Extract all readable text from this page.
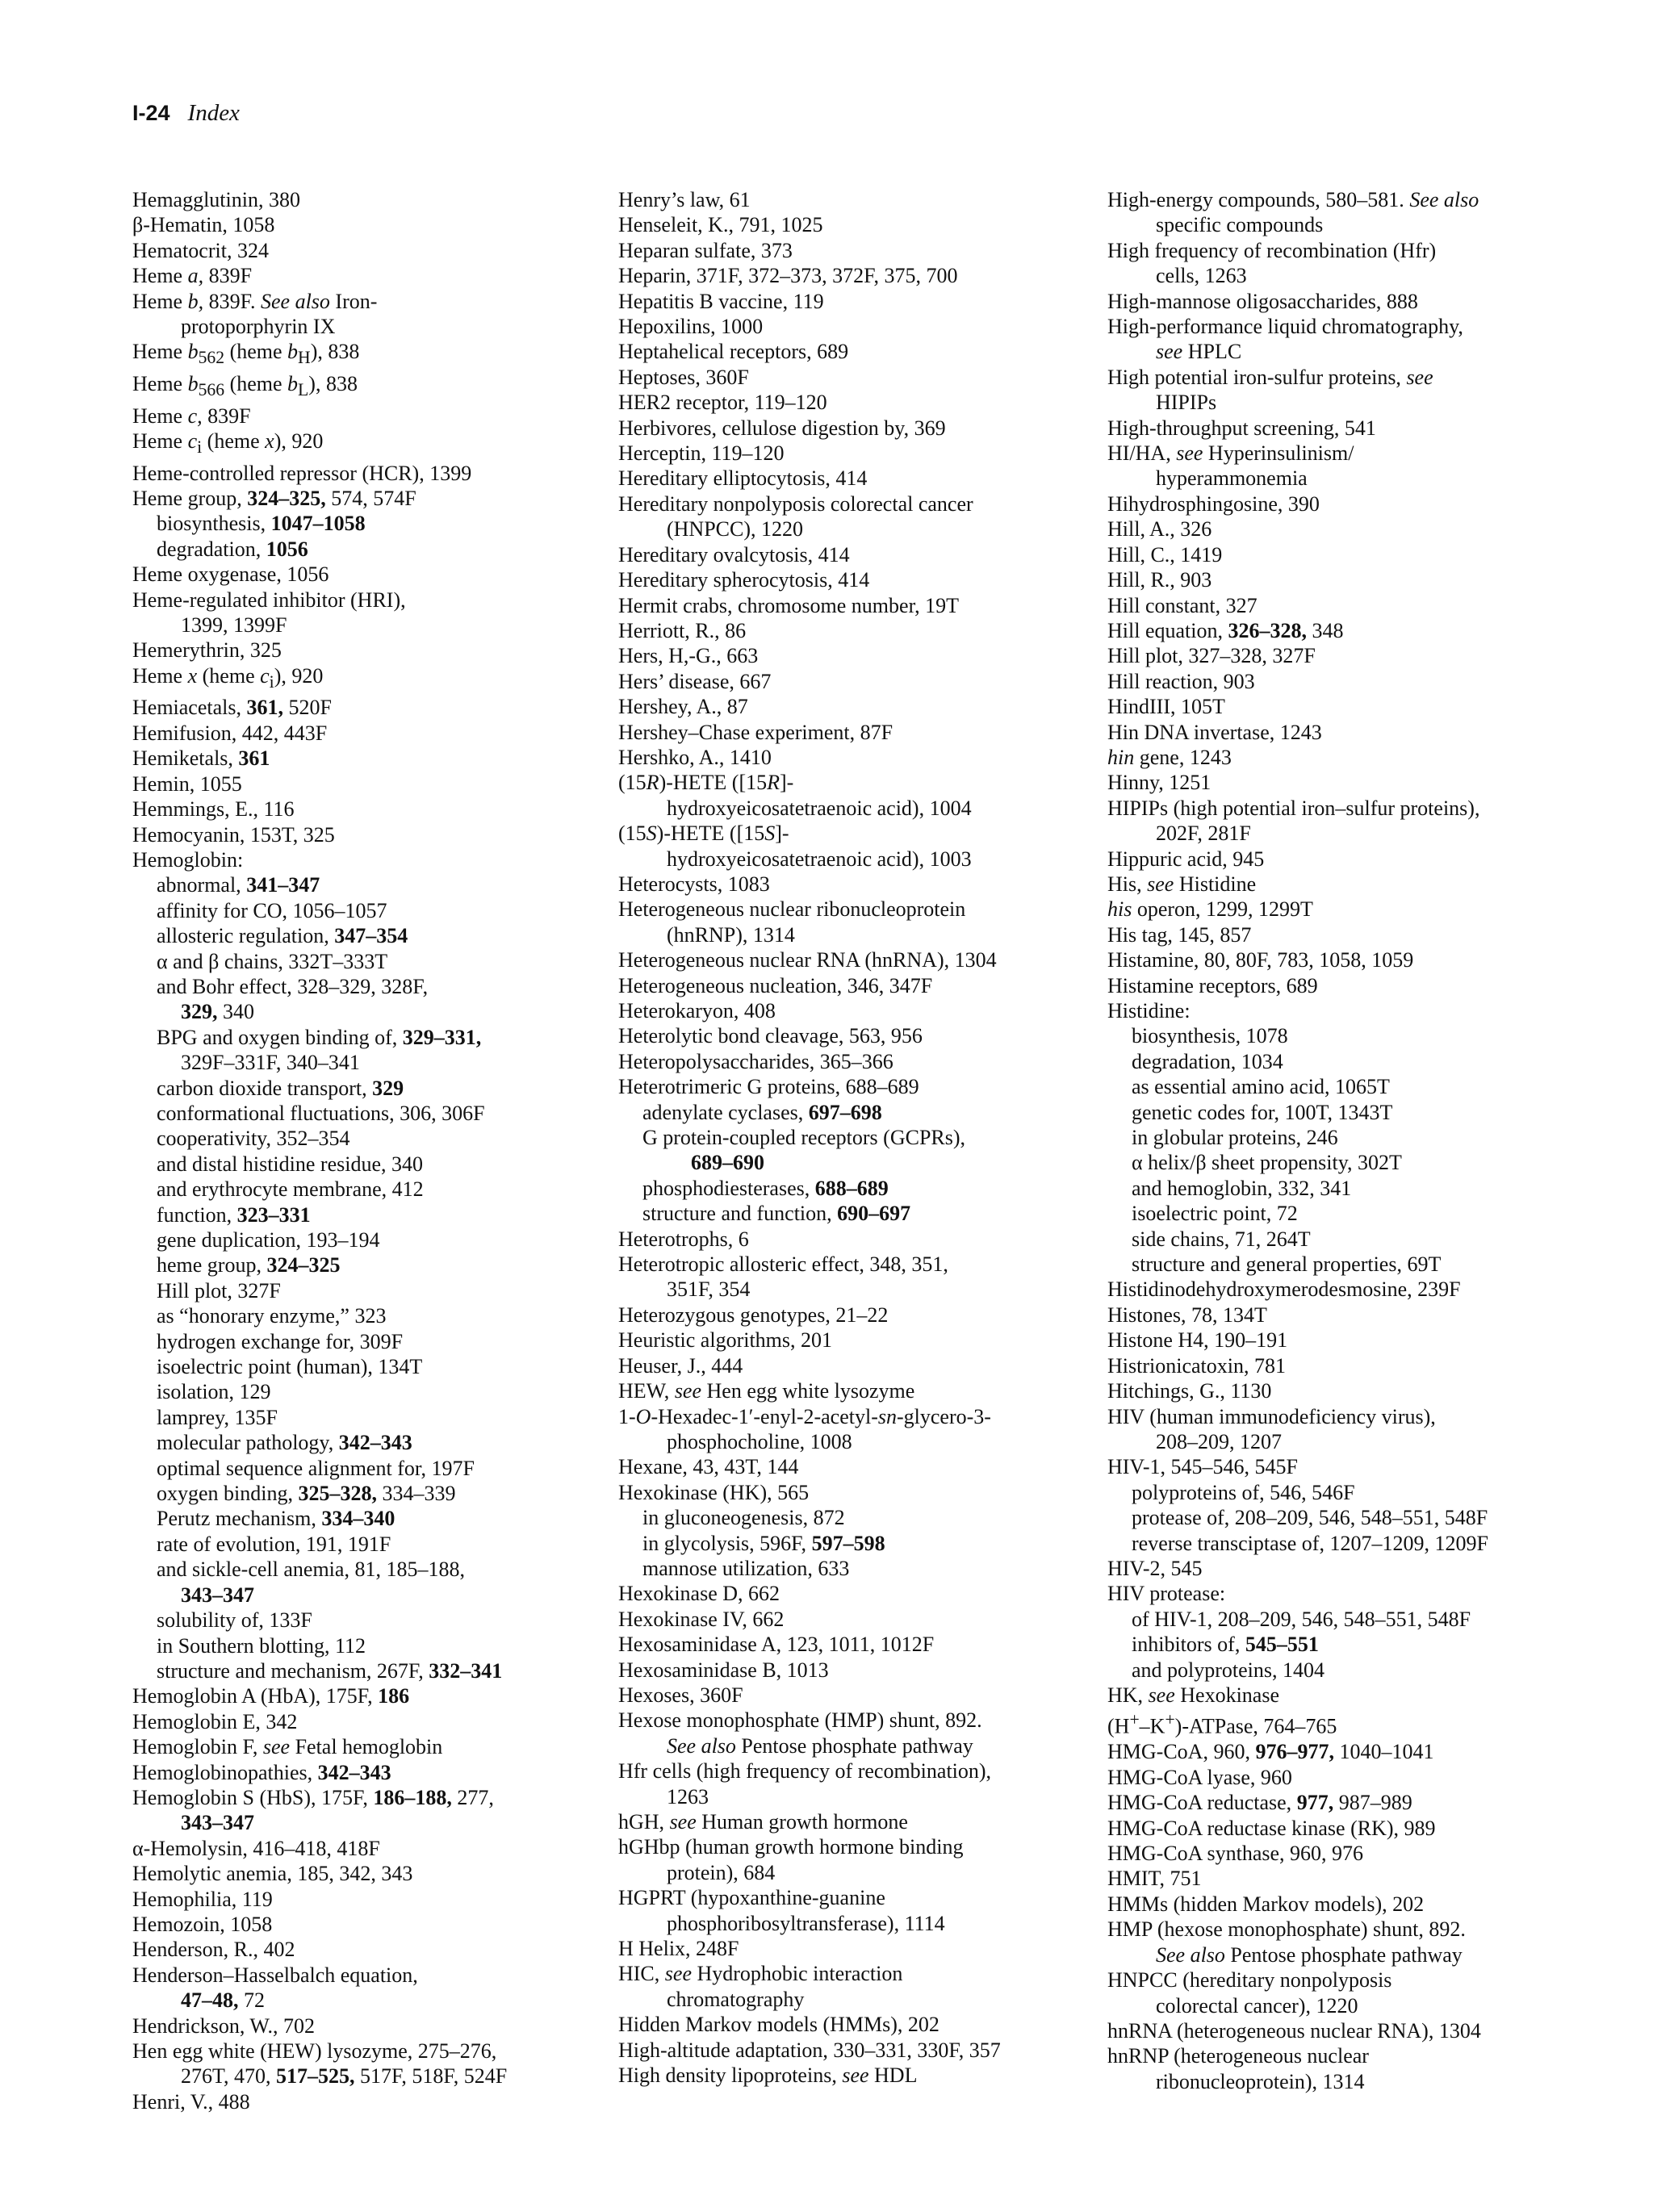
I-24 Index
Hemagglutinin, 380
β-Hematin, 1058
Hematocrit, 324
Heme a, 839F
Heme b, 839F. See also Iron-
protoporphyrin IX
Heme $b_{562}$ (heme $b_H$), 838
Heme $b_{566}$ (heme $b_L$), 838
Heme c, 839F
Heme $c_i$ (heme x), 920
Heme-controlled repressor (HCR), 1399
Heme group, 324–325, 574, 574F
biosynthesis, 1047–1058
degradation, 1056
Heme oxygenase, 1056
Heme-regulated inhibitor (HRI),
1399, 1399F
Hemerythrin, 325
Heme x (heme $c_i$), 920
Hemiacetals, 361, 520F
Hemifusion, 442, 443F
Hemiketals, 361
Hemin, 1055
Hemmings, E., 116
Hemocyanin, 153T, 325
Hemoglobin:
abnormal, 341–347
affinity for CO, 1056–1057
allosteric regulation, 347–354
α and β chains, 332T–333T
and Bohr effect, 328–329, 328F,
329, 340
BPG and oxygen binding of, 329–331,
329F–331F, 340–341
carbon dioxide transport, 329
conformational fluctuations, 306, 306F
cooperativity, 352–354
and distal histidine residue, 340
and erythrocyte membrane, 412
function, 323–331
gene duplication, 193–194
heme group, 324–325
Hill plot, 327F
as “honorary enzyme,” 323
hydrogen exchange for, 309F
isoelectric point (human), 134T
isolation, 129
lamprey, 135F
molecular pathology, 342–343
optimal sequence alignment for, 197F
oxygen binding, 325–328, 334–339
Perutz mechanism, 334–340
rate of evolution, 191, 191F
and sickle-cell anemia, 81, 185–188,
343–347
solubility of, 133F
in Southern blotting, 112
structure and mechanism, 267F, 332–341
Hemoglobin A (HbA), 175F, 186
Hemoglobin E, 342
Hemoglobin F, see Fetal hemoglobin
Hemoglobinopathies, 342–343
Hemoglobin S (HbS), 175F, 186–188, 277,
343–347
α-Hemolysin, 416–418, 418F
Hemolytic anemia, 185, 342, 343
Hemophilia, 119
Hemozoin, 1058
Henderson, R., 402
Henderson–Hasselbalch equation,
47–48, 72
Hendrickson, W., 702
Hen egg white (HEW) lysozyme, 275–276,
276T, 470, 517–525, 517F, 518F, 524F
Henri, V., 488
Henry’s law, 61
Henseleit, K., 791, 1025
Heparan sulfate, 373
Heparin, 371F, 372–373, 372F, 375, 700
Hepatitis B vaccine, 119
Hepoxilins, 1000
Heptahelical receptors, 689
Heptoses, 360F
HER2 receptor, 119–120
Herbivores, cellulose digestion by, 369
Herceptin, 119–120
Hereditary elliptocytosis, 414
Hereditary nonpolyposis colorectal cancer
(HNPCC), 1220
Hereditary ovalcytosis, 414
Hereditary spherocytosis, 414
Hermit crabs, chromosome number, 19T
Herriott, R., 86
Hers, H,-G., 663
Hers’ disease, 667
Hershey, A., 87
Hershey–Chase experiment, 87F
Hershko, A., 1410
(15R)-HETE ([15R]-
hydroxyeicosatetraenoic acid), 1004
(15S)-HETE ([15S]-
hydroxyeicosatetraenoic acid), 1003
Heterocysts, 1083
Heterogeneous nuclear ribonucleoprotein
(hnRNP), 1314
Heterogeneous nuclear RNA (hnRNA), 1304
Heterogeneous nucleation, 346, 347F
Heterokaryon, 408
Heterolytic bond cleavage, 563, 956
Heteropolysaccharides, 365–366
Heterotrimeric G proteins, 688–689
adenylate cyclases, 697–698
G protein-coupled receptors (GCPRs),
689–690
phosphodiesterases, 688–689
structure and function, 690–697
Heterotrophs, 6
Heterotropic allosteric effect, 348, 351,
351F, 354
Heterozygous genotypes, 21–22
Heuristic algorithms, 201
Heuser, J., 444
HEW, see Hen egg white lysozyme
1-O-Hexadec-1′-enyl-2-acetyl-sn-glycero-3-
phosphocholine, 1008
Hexane, 43, 43T, 144
Hexokinase (HK), 565
in gluconeogenesis, 872
in glycolysis, 596F, 597–598
mannose utilization, 633
Hexokinase D, 662
Hexokinase IV, 662
Hexosaminidase A, 123, 1011, 1012F
Hexosaminidase B, 1013
Hexoses, 360F
Hexose monophosphate (HMP) shunt, 892.
See also Pentose phosphate pathway
Hfr cells (high frequency of recombination),
1263
hGH, see Human growth hormone
hGHbp (human growth hormone binding
protein), 684
HGPRT (hypoxanthine-guanine
phosphoribosyltransferase), 1114
H Helix, 248F
HIC, see Hydrophobic interaction
chromatography
Hidden Markov models (HMMs), 202
High-altitude adaptation, 330–331, 330F, 357
High density lipoproteins, see HDL
High-energy compounds, 580–581. See also
specific compounds
High frequency of recombination (Hfr)
cells, 1263
High-mannose oligosaccharides, 888
High-performance liquid chromatography,
see HPLC
High potential iron-sulfur proteins, see
HIPIPs
High-throughput screening, 541
HI/HA, see Hyperinsulinism/
hyperammonemia
Hihydrosphingosine, 390
Hill, A., 326
Hill, C., 1419
Hill, R., 903
Hill constant, 327
Hill equation, 326–328, 348
Hill plot, 327–328, 327F
Hill reaction, 903
HindIII, 105T
Hin DNA invertase, 1243
hin gene, 1243
Hinny, 1251
HIPIPs (high potential iron–sulfur proteins),
202F, 281F
Hippuric acid, 945
His, see Histidine
his operon, 1299, 1299T
His tag, 145, 857
Histamine, 80, 80F, 783, 1058, 1059
Histamine receptors, 689
Histidine:
biosynthesis, 1078
degradation, 1034
as essential amino acid, 1065T
genetic codes for, 100T, 1343T
in globular proteins, 246
α helix/β sheet propensity, 302T
and hemoglobin, 332, 341
isoelectric point, 72
side chains, 71, 264T
structure and general properties, 69T
Histidinodehydroxymerodesmosine, 239F
Histones, 78, 134T
Histone H4, 190–191
Histrionicatoxin, 781
Hitchings, G., 1130
HIV (human immunodeficiency virus),
208–209, 1207
HIV-1, 545–546, 545F
polyproteins of, 546, 546F
protease of, 208–209, 546, 548–551, 548F
reverse transciptase of, 1207–1209, 1209F
HIV-2, 545
HIV protease:
of HIV-1, 208–209, 546, 548–551, 548F
inhibitors of, 545–551
and polyproteins, 1404
HK, see Hexokinase
(H+–K+)-ATPase, 764–765
HMG-CoA, 960, 976–977, 1040–1041
HMG-CoA lyase, 960
HMG-CoA reductase, 977, 987–989
HMG-CoA reductase kinase (RK), 989
HMG-CoA synthase, 960, 976
HMIT, 751
HMMs (hidden Markov models), 202
HMP (hexose monophosphate) shunt, 892.
See also Pentose phosphate pathway
HNPCC (hereditary nonpolyposis
colorectal cancer), 1220
hnRNA (heterogeneous nuclear RNA), 1304
hnRNP (heterogeneous nuclear
ribonucleoprotein), 1314
